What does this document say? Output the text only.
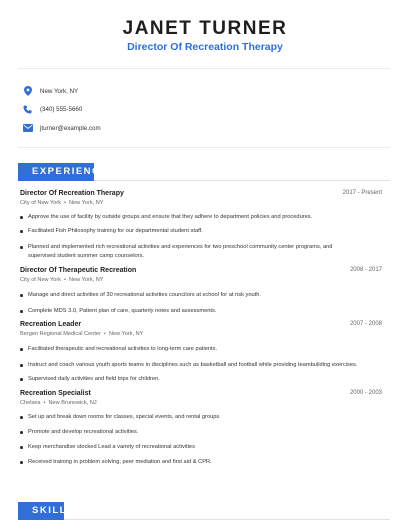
JANET TURNER
Director Of Recreation Therapy
New York, NY
(340) 555-5660
jturner@example.com
EXPERIENCE
Director Of Recreation Therapy	2017 - Present
City of New York • New York, NY
Approve the use of facility by outside groups and ensure that they adhere to department policies and procedures.
Facilitated Fish Philosophy training for our departmental student staff.
Planned and implemented rich recreational activities and experiences for two preschool community center programs, and
supervised student summer camp counselors.
Director Of Therapeutic Recreation	2008 - 2017
City of New York • New York, NY
Manage and direct activities of 30 recreational activities councilors at school for at risk youth.
Complete MDS 3.0, Patient plan of care, quarterly notes and assessments.
Recreation Leader	2007 - 2008
Bergen Regional Medical Center • New York, NY
Facilitated therapeutic and recreational activities to long-term care patients.
Instruct and coach various youth sports teams in disciplines such as basketball and football while providing teambuilding exercises.
Supervised daily activities and field trips for children.
Recreation Specialist	2000 - 2003
Chelsea • New Brunswick, NJ
Set up and break down rooms for classes, special events, and rental groups.
Promote and develop recreational activities.
Keep merchandise stocked Lead a variety of recreational activities
Received training in problem solving, peer mediation and first aid & CPR.
SKILLS
